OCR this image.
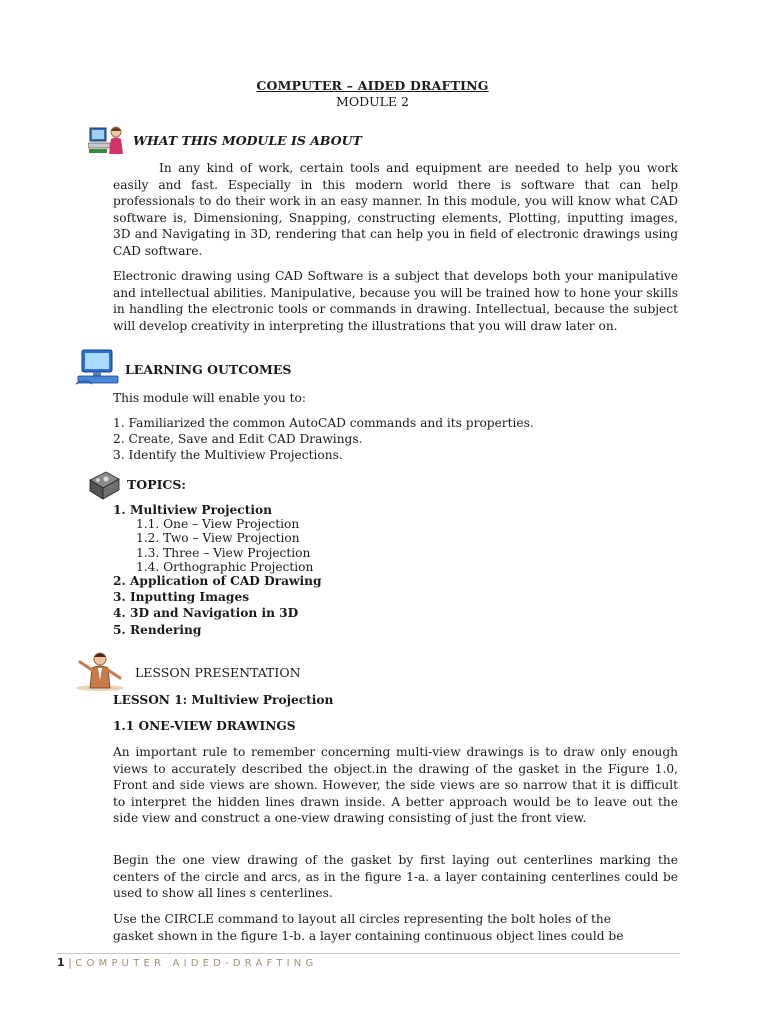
COMPUTER – AIDED DRAFTING
MODULE 2
WHAT THIS MODULE IS ABOUT

In any kind of work, certain tools and equipment are needed to help you work easily and fast. Especially in this modern world there is software that can help professionals to do their work in an easy manner. In this module, you will know what CAD software is, Dimensioning, Snapping, constructing elements, Plotting, inputting images, 3D and Navigating in 3D, rendering that can help you in field of electronic drawings using CAD software.

Electronic drawing using CAD Software is a subject that develops both your manipulative and intellectual abilities. Manipulative, because you will be trained how to hone your skills in handling the electronic tools or commands in drawing. Intellectual, because the subject will develop creativity in interpreting the illustrations that you will draw later on.

LEARNING OUTCOMES
This module will enable you to:
1. Familiarized the common AutoCAD commands and its properties.
2. Create, Save and Edit CAD Drawings.
3. Identify the Multiview Projections.
TOPICS:
1. Multiview Projection
1.1. One – View Projection
1.2. Two – View Projection
1.3. Three – View Projection
1.4. Orthographic Projection
2. Application of CAD Drawing
3. Inputting Images
4. 3D and Navigation in 3D
5. Rendering
LESSON PRESENTATION
LESSON 1: Multiview Projection
1.1 ONE-VIEW DRAWINGS

An important rule to remember concerning multi-view drawings is to draw only enough views to accurately described the object.in the drawing of the gasket in the Figure 1.0, Front and side views are shown. However, the side views are so narrow that it is difficult to interpret the hidden lines drawn inside. A better approach would be to leave out the side view and construct a one-view drawing consisting of just the front view.

Begin the one view drawing of the gasket by first laying out centerlines marking the centers of the circle and arcs, as in the figure 1-a. a layer containing centerlines could be used to show all lines s centerlines.

Use the CIRCLE command to layout all circles representing the bolt holes of the
gasket shown in the figure 1-b. a layer containing continuous object lines could be
1 | COMPUTER AIDED-DRAFTING
